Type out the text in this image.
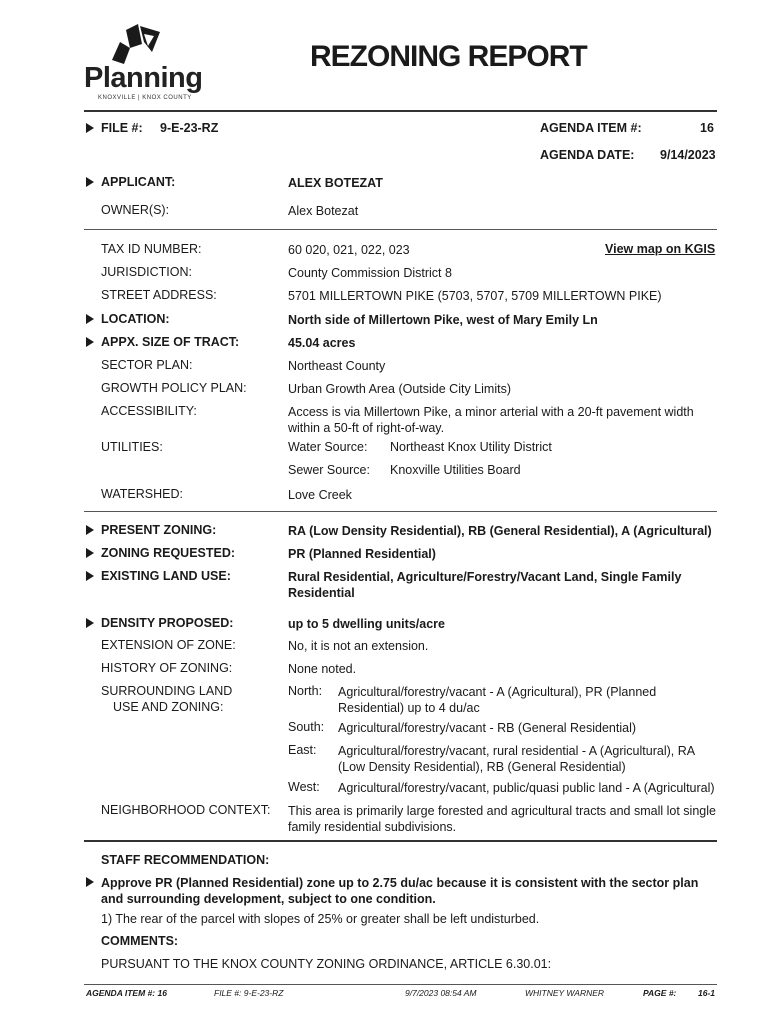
Planning
KNOXVILLE | KNOX COUNTY
REZONING REPORT
FILE #: 9-E-23-RZ	AGENDA ITEM #:	16
AGENDA DATE: 9/14/2023
APPLICANT:	ALEX BOTEZAT
OWNER(S):	Alex Botezat
TAX ID NUMBER:	60 020, 021, 022, 023	View map on KGIS
JURISDICTION:	County Commission District 8
STREET ADDRESS:	5701 MILLERTOWN PIKE (5703, 5707, 5709 MILLERTOWN PIKE)
LOCATION:	North side of Millertown Pike, west of Mary Emily Ln
APPX. SIZE OF TRACT:	45.04 acres
SECTOR PLAN:	Northeast County
GROWTH POLICY PLAN:	Urban Growth Area (Outside City Limits)
ACCESSIBILITY:	Access is via Millertown Pike, a minor arterial with a 20-ft pavement width within a 50-ft of right-of-way.
UTILITIES:	Water Source: Northeast Knox Utility District
Sewer Source: Knoxville Utilities Board
WATERSHED:	Love Creek
PRESENT ZONING:	RA (Low Density Residential), RB (General Residential), A (Agricultural)
ZONING REQUESTED:	PR (Planned Residential)
EXISTING LAND USE:	Rural Residential, Agriculture/Forestry/Vacant Land, Single Family Residential
DENSITY PROPOSED:	up to 5 dwelling units/acre
EXTENSION OF ZONE:	No, it is not an extension.
HISTORY OF ZONING:	None noted.
SURROUNDING LAND
USE AND ZONING:
North: Agricultural/forestry/vacant - A (Agricultural), PR (Planned Residential) up to 4 du/ac
South: Agricultural/forestry/vacant - RB (General Residential)
East: Agricultural/forestry/vacant, rural residential - A (Agricultural), RA (Low Density Residential), RB (General Residential)
West: Agricultural/forestry/vacant, public/quasi public land - A (Agricultural)
NEIGHBORHOOD CONTEXT: This area is primarily large forested and agricultural tracts and small lot single family residential subdivisions.
STAFF RECOMMENDATION:
Approve PR (Planned Residential) zone up to 2.75 du/ac because it is consistent with the sector plan and surrounding development, subject to one condition.
1) The rear of the parcel with slopes of 25% or greater shall be left undisturbed.
COMMENTS:
PURSUANT TO THE KNOX COUNTY ZONING ORDINANCE, ARTICLE 6.30.01:
AGENDA ITEM #: 16	FILE #: 9-E-23-RZ	9/7/2023 08:54 AM	WHITNEY WARNER	PAGE #:	16-1
